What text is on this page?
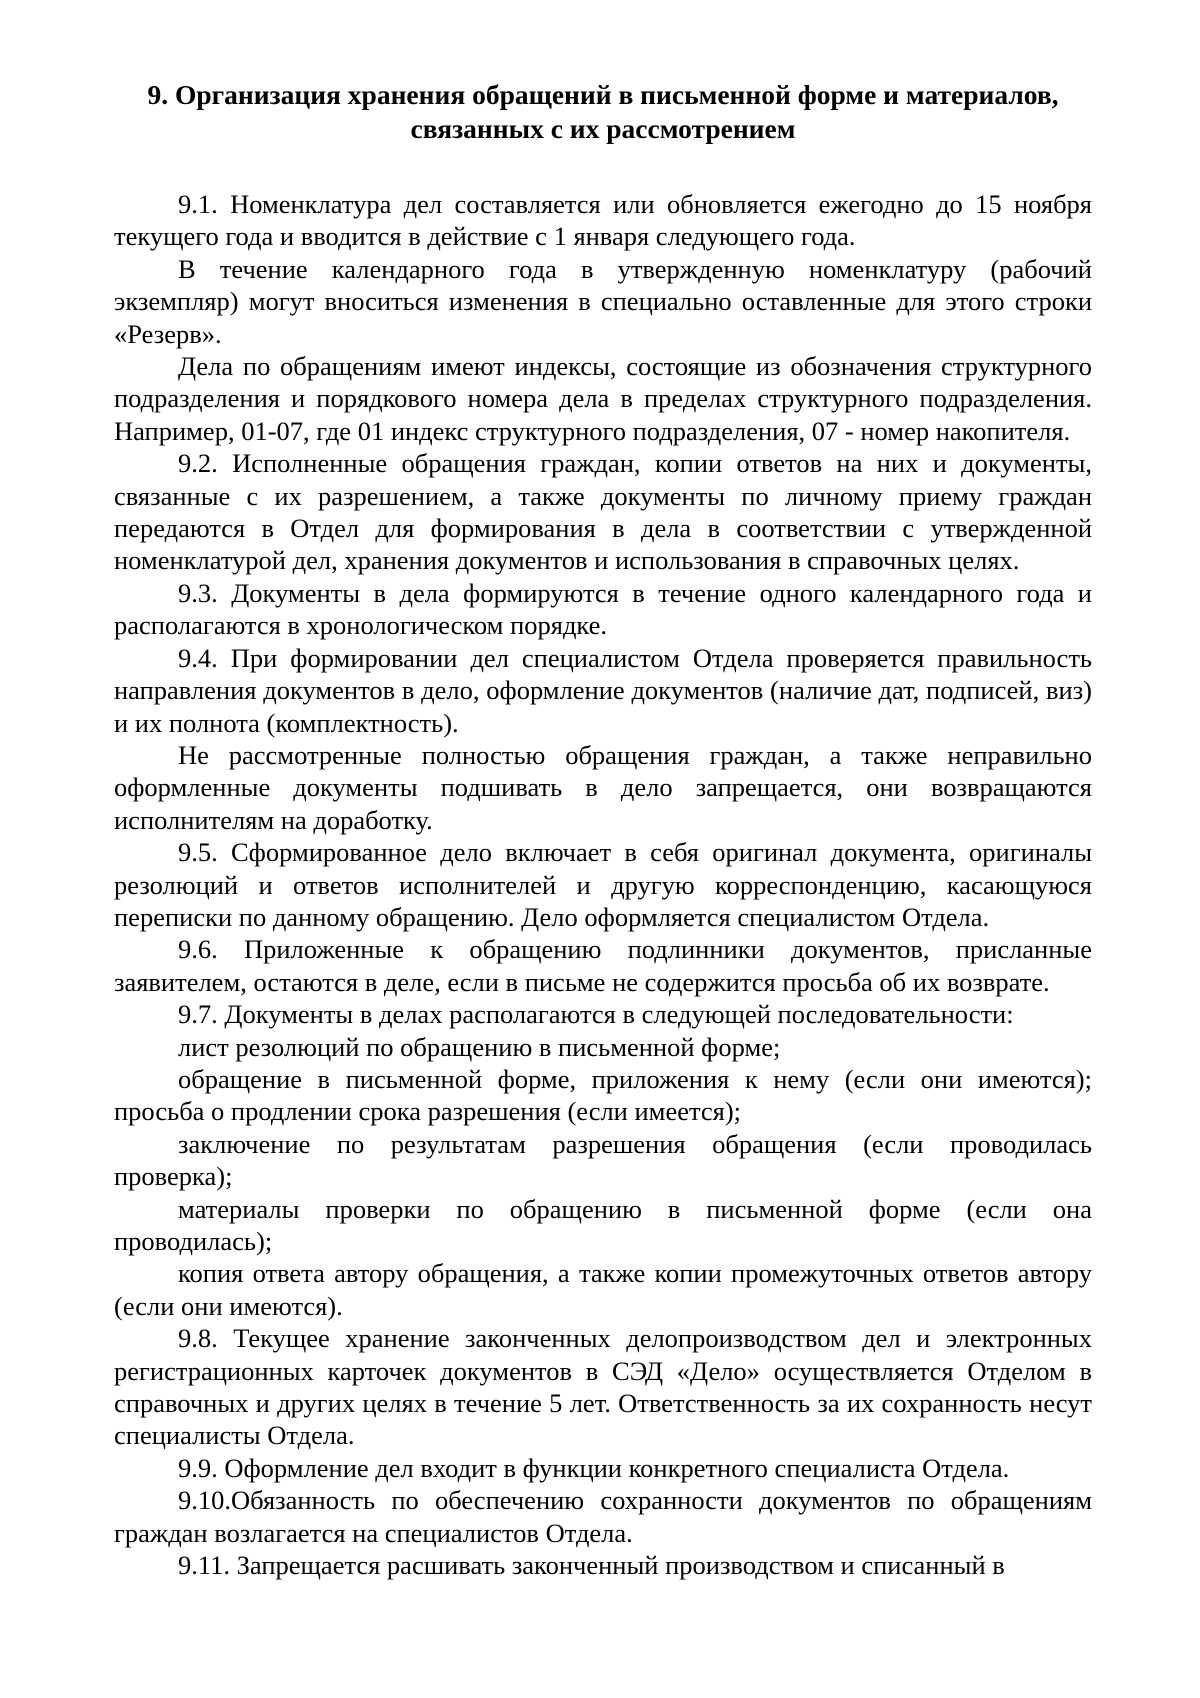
9. Организация хранения обращений в письменной форме и материалов,
связанных с их рассмотрением

9.1. Номенклатура дел составляется или обновляется ежегодно до 15 ноября текущего года и вводится в действие с 1 января следующего года.

В течение календарного года в утвержденную номенклатуру (рабочий экземпляр) могут вноситься изменения в специально оставленные для этого строки «Резерв».

Дела по обращениям имеют индексы, состоящие из обозначения структурного подразделения и порядкового номера дела в пределах структурного подразделения. Например, 01-07, где 01 индекс структурного подразделения, 07 - номер накопителя.

9.2. Исполненные обращения граждан, копии ответов на них и документы, связанные с их разрешением, а также документы по личному приему граждан передаются в Отдел для формирования в дела в соответствии с утвержденной номенклатурой дел, хранения документов и использования в справочных целях.

9.3. Документы в дела формируются в течение одного календарного года и располагаются в хронологическом порядке.

9.4. При формировании дел специалистом Отдела проверяется правильность направления документов в дело, оформление документов (наличие дат, подписей, виз) и их полнота (комплектность).

Не рассмотренные полностью обращения граждан, а также неправильно оформленные документы подшивать в дело запрещается, они возвращаются исполнителям на доработку.

9.5. Сформированное дело включает в себя оригинал документа, оригиналы резолюций и ответов исполнителей и другую корреспонденцию, касающуюся переписки по данному обращению. Дело оформляется специалистом Отдела.

9.6. Приложенные к обращению подлинники документов, присланные заявителем, остаются в деле, если в письме не содержится просьба об их возврате.

9.7. Документы в делах располагаются в следующей последовательности:

лист резолюций по обращению в письменной форме;

обращение в письменной форме, приложения к нему (если они имеются); просьба о продлении срока разрешения (если имеется);

заключение по результатам разрешения обращения (если проводилась проверка);

материалы проверки по обращению в письменной форме (если она проводилась);

копия ответа автору обращения, а также копии промежуточных ответов автору (если они имеются).

9.8. Текущее хранение законченных делопроизводством дел и электронных регистрационных карточек документов в СЭД «Дело» осуществляется Отделом в справочных и других целях в течение 5 лет. Ответственность за их сохранность несут специалисты Отдела.

9.9. Оформление дел входит в функции конкретного специалиста Отдела.

9.10.Обязанность по обеспечению сохранности документов по обращениям граждан возлагается на специалистов Отдела.

9.11. Запрещается расшивать законченный производством и списанный в
